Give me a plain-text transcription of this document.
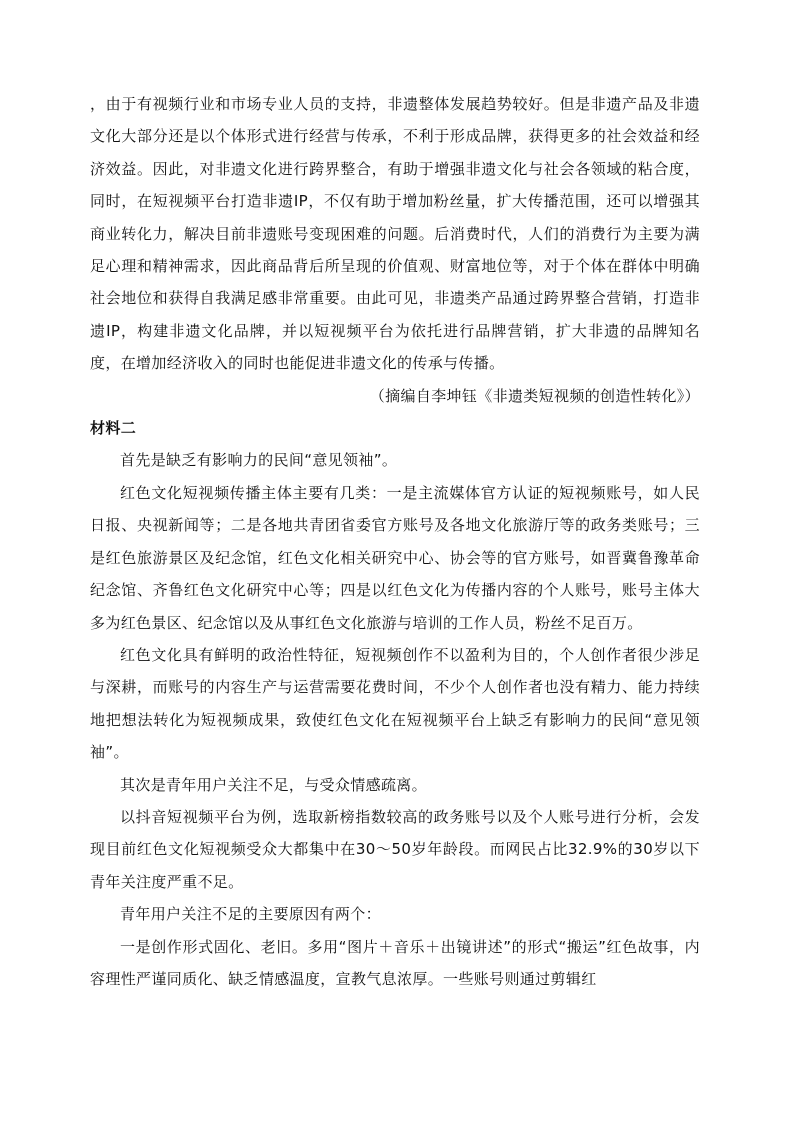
，由于有视频行业和市场专业人员的支持，非遗整体发展趋势较好。但是非遗产品及非遗文化大部分还是以个体形式进行经营与传承，不利于形成品牌，获得更多的社会效益和经济效益。因此，对非遗文化进行跨界整合，有助于增强非遗文化与社会各领域的粘合度，同时，在短视频平台打造非遗IP，不仅有助于增加粉丝量，扩大传播范围，还可以增强其商业转化力，解决目前非遗账号变现困难的问题。后消费时代，人们的消费行为主要为满足心理和精神需求，因此商品背后所呈现的价值观、财富地位等，对于个体在群体中明确社会地位和获得自我满足感非常重要。由此可见，非遗类产品通过跨界整合营销，打造非遗IP，构建非遗文化品牌，并以短视频平台为依托进行品牌营销，扩大非遗的品牌知名度，在增加经济收入的同时也能促进非遗文化的传承与传播。

（摘编自李坤钰《非遗类短视频的创造性转化》）

材料二

首先是缺乏有影响力的民间“意见领袖”。

红色文化短视频传播主体主要有几类：一是主流媒体官方认证的短视频账号，如人民日报、央视新闻等；二是各地共青团省委官方账号及各地文化旅游厅等的政务类账号；三是红色旅游景区及纪念馆，红色文化相关研究中心、协会等的官方账号，如晋冀鲁豫革命纪念馆、齐鲁红色文化研究中心等；四是以红色文化为传播内容的个人账号，账号主体大多为红色景区、纪念馆以及从事红色文化旅游与培训的工作人员，粉丝不足百万。

红色文化具有鲜明的政治性特征，短视频创作不以盈利为目的，个人创作者很少涉足与深耕，而账号的内容生产与运营需要花费时间，不少个人创作者也没有精力、能力持续地把想法转化为短视频成果，致使红色文化在短视频平台上缺乏有影响力的民间“意见领袖”。

其次是青年用户关注不足，与受众情感疏离。

以抖音短视频平台为例，选取新榜指数较高的政务账号以及个人账号进行分析，会发现目前红色文化短视频受众大都集中在30～50岁年龄段。而网民占比32.9%的30岁以下青年关注度严重不足。

青年用户关注不足的主要原因有两个：

一是创作形式固化、老旧。多用“图片＋音乐＋出镜讲述”的形式“搬运”红色故事，内容理性严谨同质化、缺乏情感温度，宣教气息浓厚。一些账号则通过剪辑红
